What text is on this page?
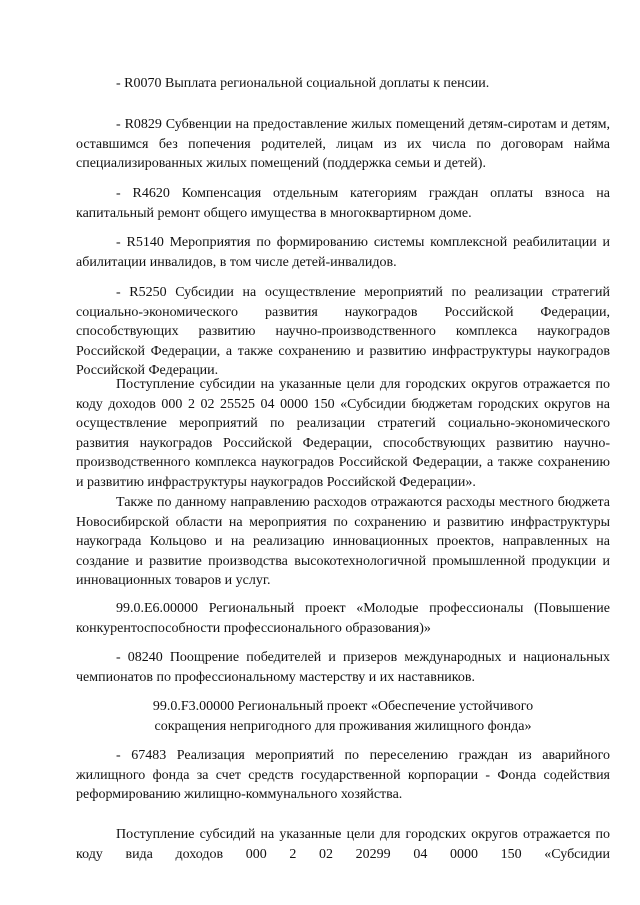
- R0070 Выплата региональной социальной доплаты к пенсии.

- R0829 Субвенции на предоставление жилых помещений детям-сиротам и детям, оставшимся без попечения родителей, лицам из их числа по договорам найма специализированных жилых помещений (поддержка семьи и детей).

- R4620 Компенсация отдельным категориям граждан оплаты взноса на капитальный ремонт общего имущества в многоквартирном доме.

- R5140 Мероприятия по формированию системы комплексной реабилитации и абилитации инвалидов, в том числе детей-инвалидов.

- R5250 Субсидии на осуществление мероприятий по реализации стратегий социально-экономического развития наукоградов Российской Федерации, способствующих развитию научно-производственного комплекса наукоградов Российской Федерации, а также сохранению и развитию инфраструктуры наукоградов Российской Федерации.

Поступление субсидии на указанные цели для городских округов отражается по коду доходов 000 2 02 25525 04 0000 150 «Субсидии бюджетам городских округов на осуществление мероприятий по реализации стратегий социально-экономического развития наукоградов Российской Федерации, способствующих развитию научно-производственного комплекса наукоградов Российской Федерации, а также сохранению и развитию инфраструктуры наукоградов Российской Федерации».

Также по данному направлению расходов отражаются расходы местного бюджета Новосибирской области на мероприятия по сохранению и развитию инфраструктуры наукограда Кольцово и на реализацию инновационных проектов, направленных на создание и развитие производства высокотехнологичной промышленной продукции и инновационных товаров и услуг.

99.0.E6.00000 Региональный проект «Молодые профессионалы (Повышение конкурентоспособности профессионального образования)»

- 08240 Поощрение победителей и призеров международных и национальных чемпионатов по профессиональному мастерству и их наставников.

99.0.F3.00000 Региональный проект «Обеспечение устойчивого
сокращения непригодного для проживания жилищного фонда»

- 67483 Реализация мероприятий по переселению граждан из аварийного жилищного фонда за счет средств государственной корпорации - Фонда содействия реформированию жилищно-коммунального хозяйства.

Поступление субсидий на указанные цели для городских округов отражается по коду вида доходов 000 2 02 20299 04 0000 150 «Субсидии
